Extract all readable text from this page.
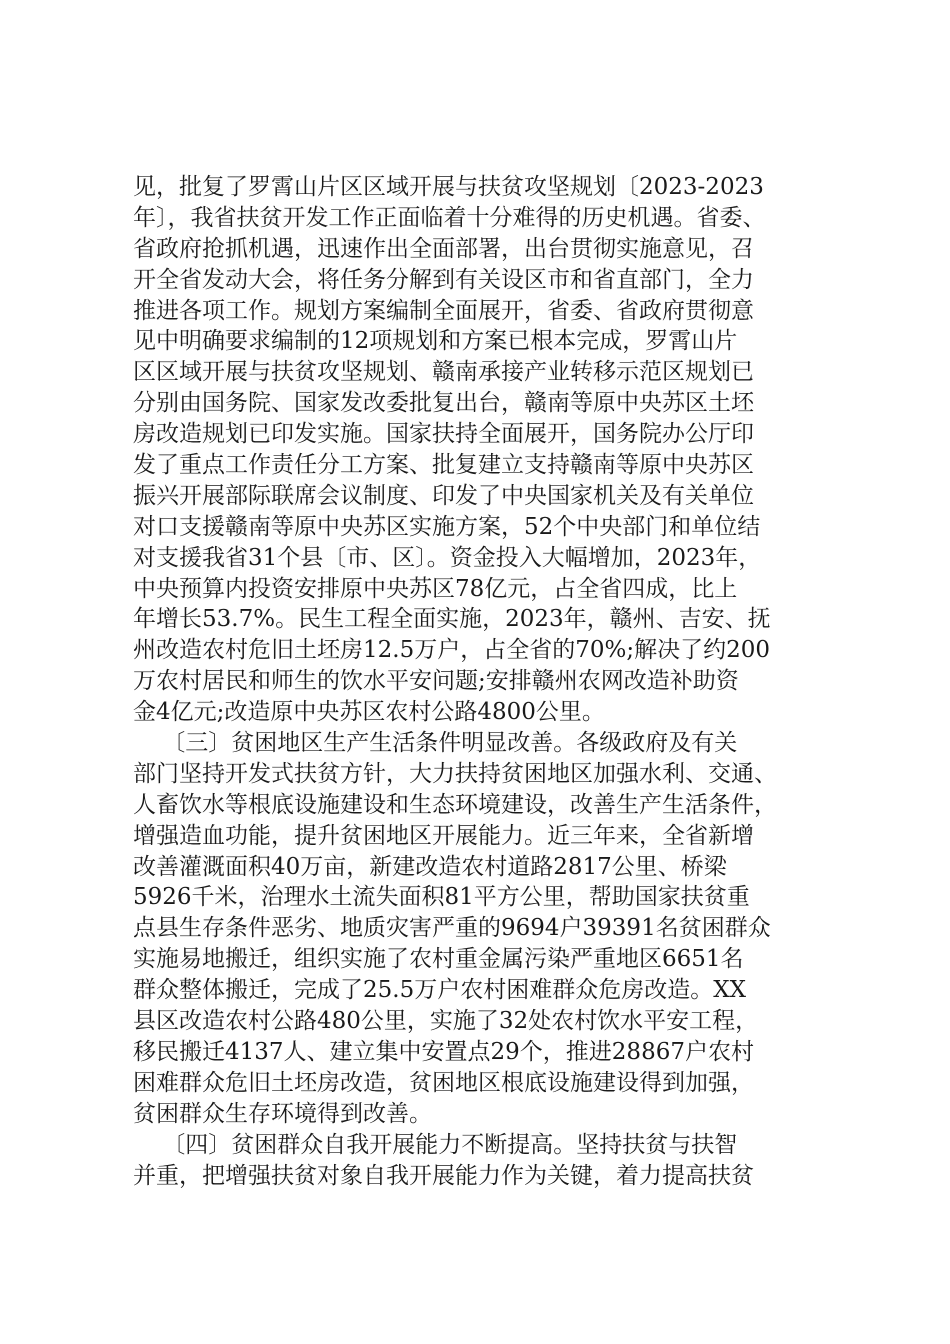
见，批复了罗霄山片区区域开展与扶贫攻坚规划〔2023-2023
年〕，我省扶贫开发工作正面临着十分难得的历史机遇。省委、
省政府抢抓机遇，迅速作出全面部署，出台贯彻实施意见，召
开全省发动大会，将任务分解到有关设区市和省直部门，全力
推进各项工作。规划方案编制全面展开，省委、省政府贯彻意
见中明确要求编制的12项规划和方案已根本完成，罗霄山片
区区域开展与扶贫攻坚规划、赣南承接产业转移示范区规划已
分别由国务院、国家发改委批复出台，赣南等原中央苏区土坯
房改造规划已印发实施。国家扶持全面展开，国务院办公厅印
发了重点工作责任分工方案、批复建立支持赣南等原中央苏区
振兴开展部际联席会议制度、印发了中央国家机关及有关单位
对口支援赣南等原中央苏区实施方案，52个中央部门和单位结
对支援我省31个县〔市、区〕。资金投入大幅增加，2023年，
中央预算内投资安排原中央苏区78亿元，占全省四成，比上
年增长53.7%。民生工程全面实施，2023年，赣州、吉安、抚
州改造农村危旧土坯房12.5万户，占全省的70%;解决了约200
万农村居民和师生的饮水平安问题;安排赣州农网改造补助资
金4亿元;改造原中央苏区农村公路4800公里。
〔三〕贫困地区生产生活条件明显改善。各级政府及有关
部门坚持开发式扶贫方针，大力扶持贫困地区加强水利、交通、
人畜饮水等根底设施建设和生态环境建设，改善生产生活条件，
增强造血功能，提升贫困地区开展能力。近三年来，全省新增
改善灌溉面积40万亩，新建改造农村道路2817公里、桥梁
5926千米，治理水土流失面积81平方公里，帮助国家扶贫重
点县生存条件恶劣、地质灾害严重的9694户39391名贫困群众
实施易地搬迁，组织实施了农村重金属污染严重地区6651名
群众整体搬迁，完成了25.5万户农村困难群众危房改造。XX
县区改造农村公路480公里，实施了32处农村饮水平安工程，
移民搬迁4137人、建立集中安置点29个，推进28867户农村
困难群众危旧土坯房改造，贫困地区根底设施建设得到加强，
贫困群众生存环境得到改善。
〔四〕贫困群众自我开展能力不断提高。坚持扶贫与扶智
并重，把增强扶贫对象自我开展能力作为关键，着力提高扶贫
